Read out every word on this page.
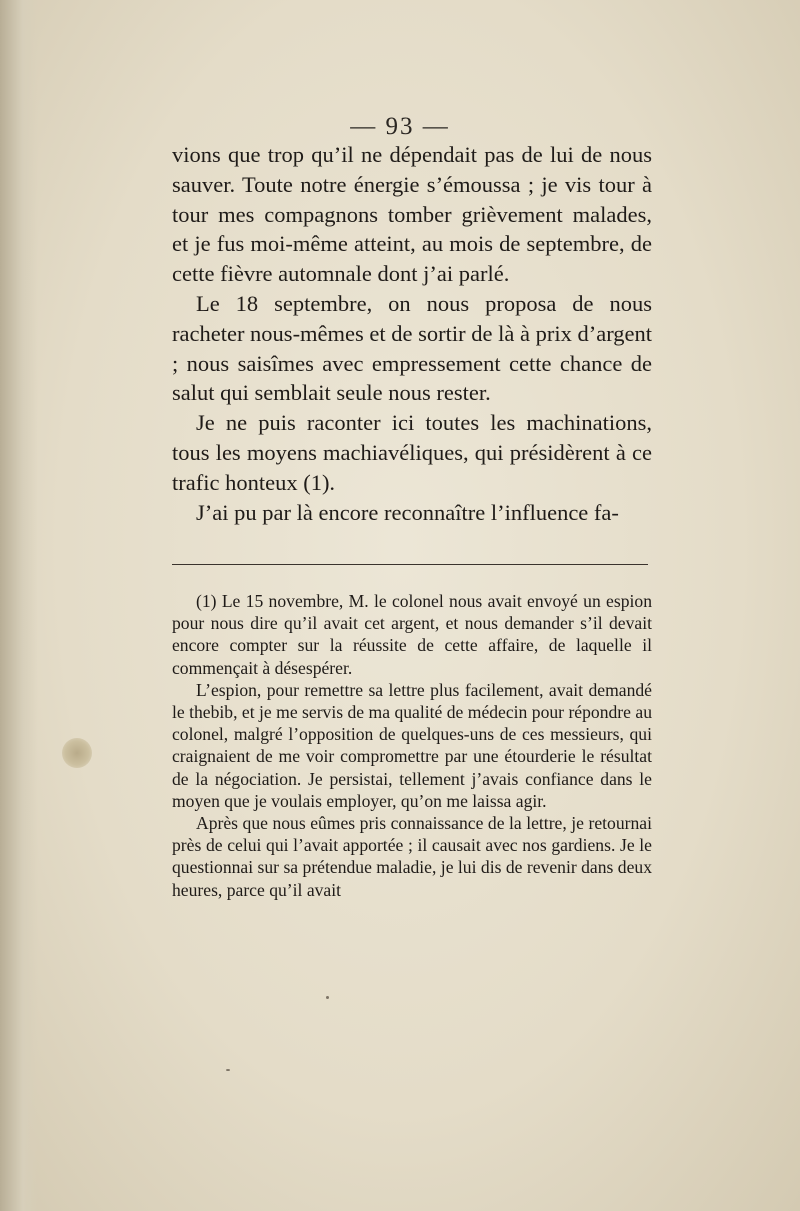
— 93 —

vions que trop qu’il ne dépendait pas de lui de nous sauver. Toute notre énergie s’émoussa ; je vis tour à tour mes compagnons tomber grièvement malades, et je fus moi-même atteint, au mois de septembre, de cette fièvre automnale dont j’ai parlé.

Le 18 septembre, on nous proposa de nous racheter nous-mêmes et de sortir de là à prix d’argent ; nous saisîmes avec empressement cette chance de salut qui semblait seule nous rester.

Je ne puis raconter ici toutes les machinations, tous les moyens machiavéliques, qui présidèrent à ce trafic honteux (1).

J’ai pu par là encore reconnaître l’influence fa-

(1) Le 15 novembre, M. le colonel nous avait envoyé un espion pour nous dire qu’il avait cet argent, et nous demander s’il devait encore compter sur la réussite de cette affaire, de laquelle il commençait à désespérer.

L’espion, pour remettre sa lettre plus facilement, avait demandé le thebib, et je me servis de ma qualité de médecin pour répondre au colonel, malgré l’opposition de quelques-uns de ces messieurs, qui craignaient de me voir compromettre par une étourderie le résultat de la négociation. Je persistai, tellement j’avais confiance dans le moyen que je voulais employer, qu’on me laissa agir.

Après que nous eûmes pris connaissance de la lettre, je retournai près de celui qui l’avait apportée ; il causait avec nos gardiens. Je le questionnai sur sa prétendue maladie, je lui dis de revenir dans deux heures, parce qu’il avait
